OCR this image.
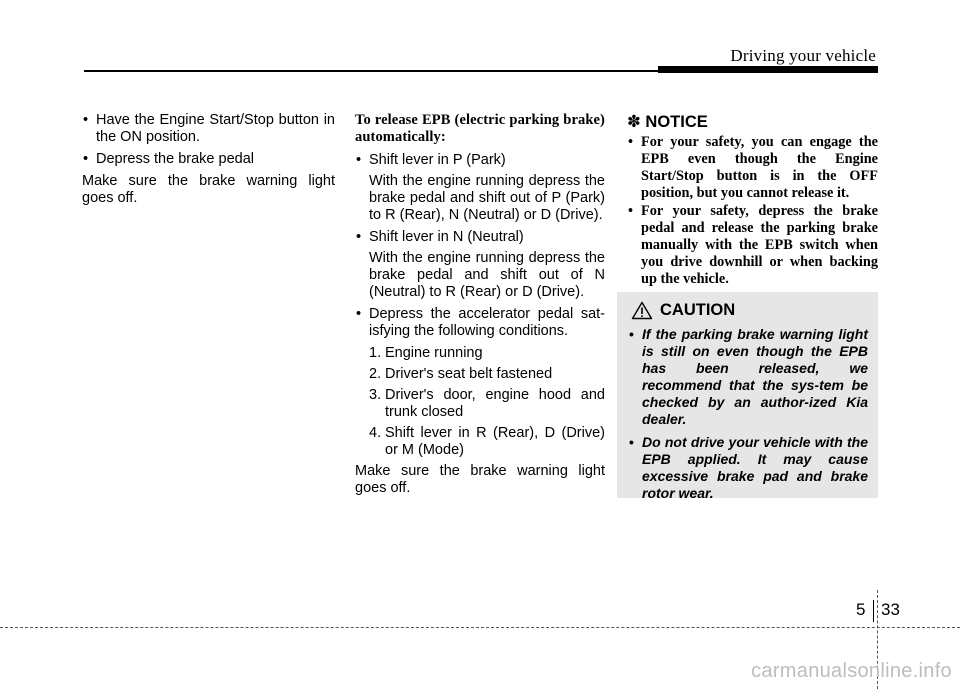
Driving your vehicle
• Have the Engine Start/Stop button in the ON position.
• Depress the brake pedal
Make sure the brake warning light goes off.
To release EPB (electric parking brake) automatically:
• Shift lever in P (Park)
With the engine running depress the brake pedal and shift out of P (Park) to R (Rear), N (Neutral) or D (Drive).
• Shift lever in N (Neutral)
With the engine running depress the brake pedal and shift out of N (Neutral) to R (Rear) or D (Drive).
• Depress the accelerator pedal sat-isfying the following conditions.
1. Engine running
2. Driver's seat belt fastened
3. Driver's door, engine hood and trunk closed
4. Shift lever in R (Rear), D (Drive) or M (Mode)
Make sure the brake warning light goes off.
✽ NOTICE
• For your safety, you can engage the EPB even though the Engine Start/Stop button is in the OFF position, but you cannot release it.
• For your safety, depress the brake pedal and release the parking brake manually with the EPB switch when you drive downhill or when backing up the vehicle.
CAUTION
• If the parking brake warning light is still on even though the EPB has been released, we recommend that the sys-tem be checked by an author-ized Kia dealer.
• Do not drive your vehicle with the EPB applied. It may cause excessive brake pad and brake rotor wear.
5 33
carmanualsonline.info
